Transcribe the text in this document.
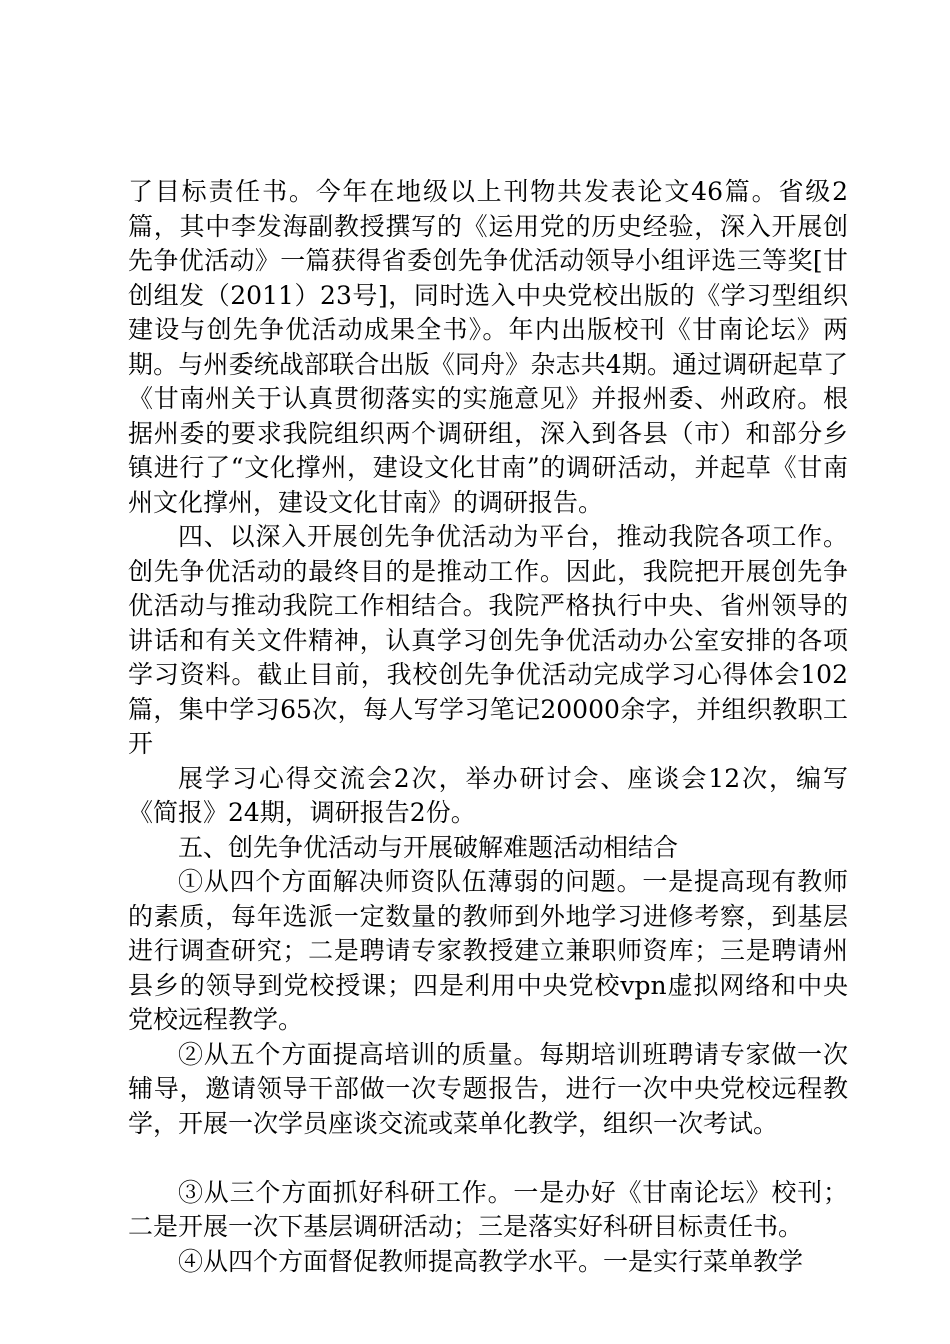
了目标责任书。今年在地级以上刊物共发表论文46篇。省级2篇，其中李发海副教授撰写的《运用党的历史经验，深入开展创先争优活动》一篇获得省委创先争优活动领导小组评选三等奖[甘创组发（2011）23号]，同时选入中央党校出版的《学习型组织建设与创先争优活动成果全书》。年内出版校刊《甘南论坛》两期。与州委统战部联合出版《同舟》杂志共4期。通过调研起草了《甘南州关于认真贯彻落实的实施意见》并报州委、州政府。根据州委的要求我院组织两个调研组，深入到各县（市）和部分乡镇进行了“文化撑州，建设文化甘南”的调研活动，并起草《甘南州文化撑州，建设文化甘南》的调研报告。

四、以深入开展创先争优活动为平台，推动我院各项工作。创先争优活动的最终目的是推动工作。因此，我院把开展创先争优活动与推动我院工作相结合。我院严格执行中央、省州领导的讲话和有关文件精神，认真学习创先争优活动办公室安排的各项学习资料。截止目前，我校创先争优活动完成学习心得体会102篇，集中学习65次，每人写学习笔记20000余字，并组织教职工开

展学习心得交流会2次，举办研讨会、座谈会12次，编写《简报》24期，调研报告2份。

五、创先争优活动与开展破解难题活动相结合

①从四个方面解决师资队伍薄弱的问题。一是提高现有教师的素质，每年选派一定数量的教师到外地学习进修考察，到基层进行调查研究；二是聘请专家教授建立兼职师资库；三是聘请州县乡的领导到党校授课；四是利用中央党校vpn虚拟网络和中央党校远程教学。

②从五个方面提高培训的质量。每期培训班聘请专家做一次辅导，邀请领导干部做一次专题报告，进行一次中央党校远程教学，开展一次学员座谈交流或菜单化教学，组织一次考试。

③从三个方面抓好科研工作。一是办好《甘南论坛》校刊；二是开展一次下基层调研活动；三是落实好科研目标责任书。

④从四个方面督促教师提高教学水平。一是实行菜单教学
